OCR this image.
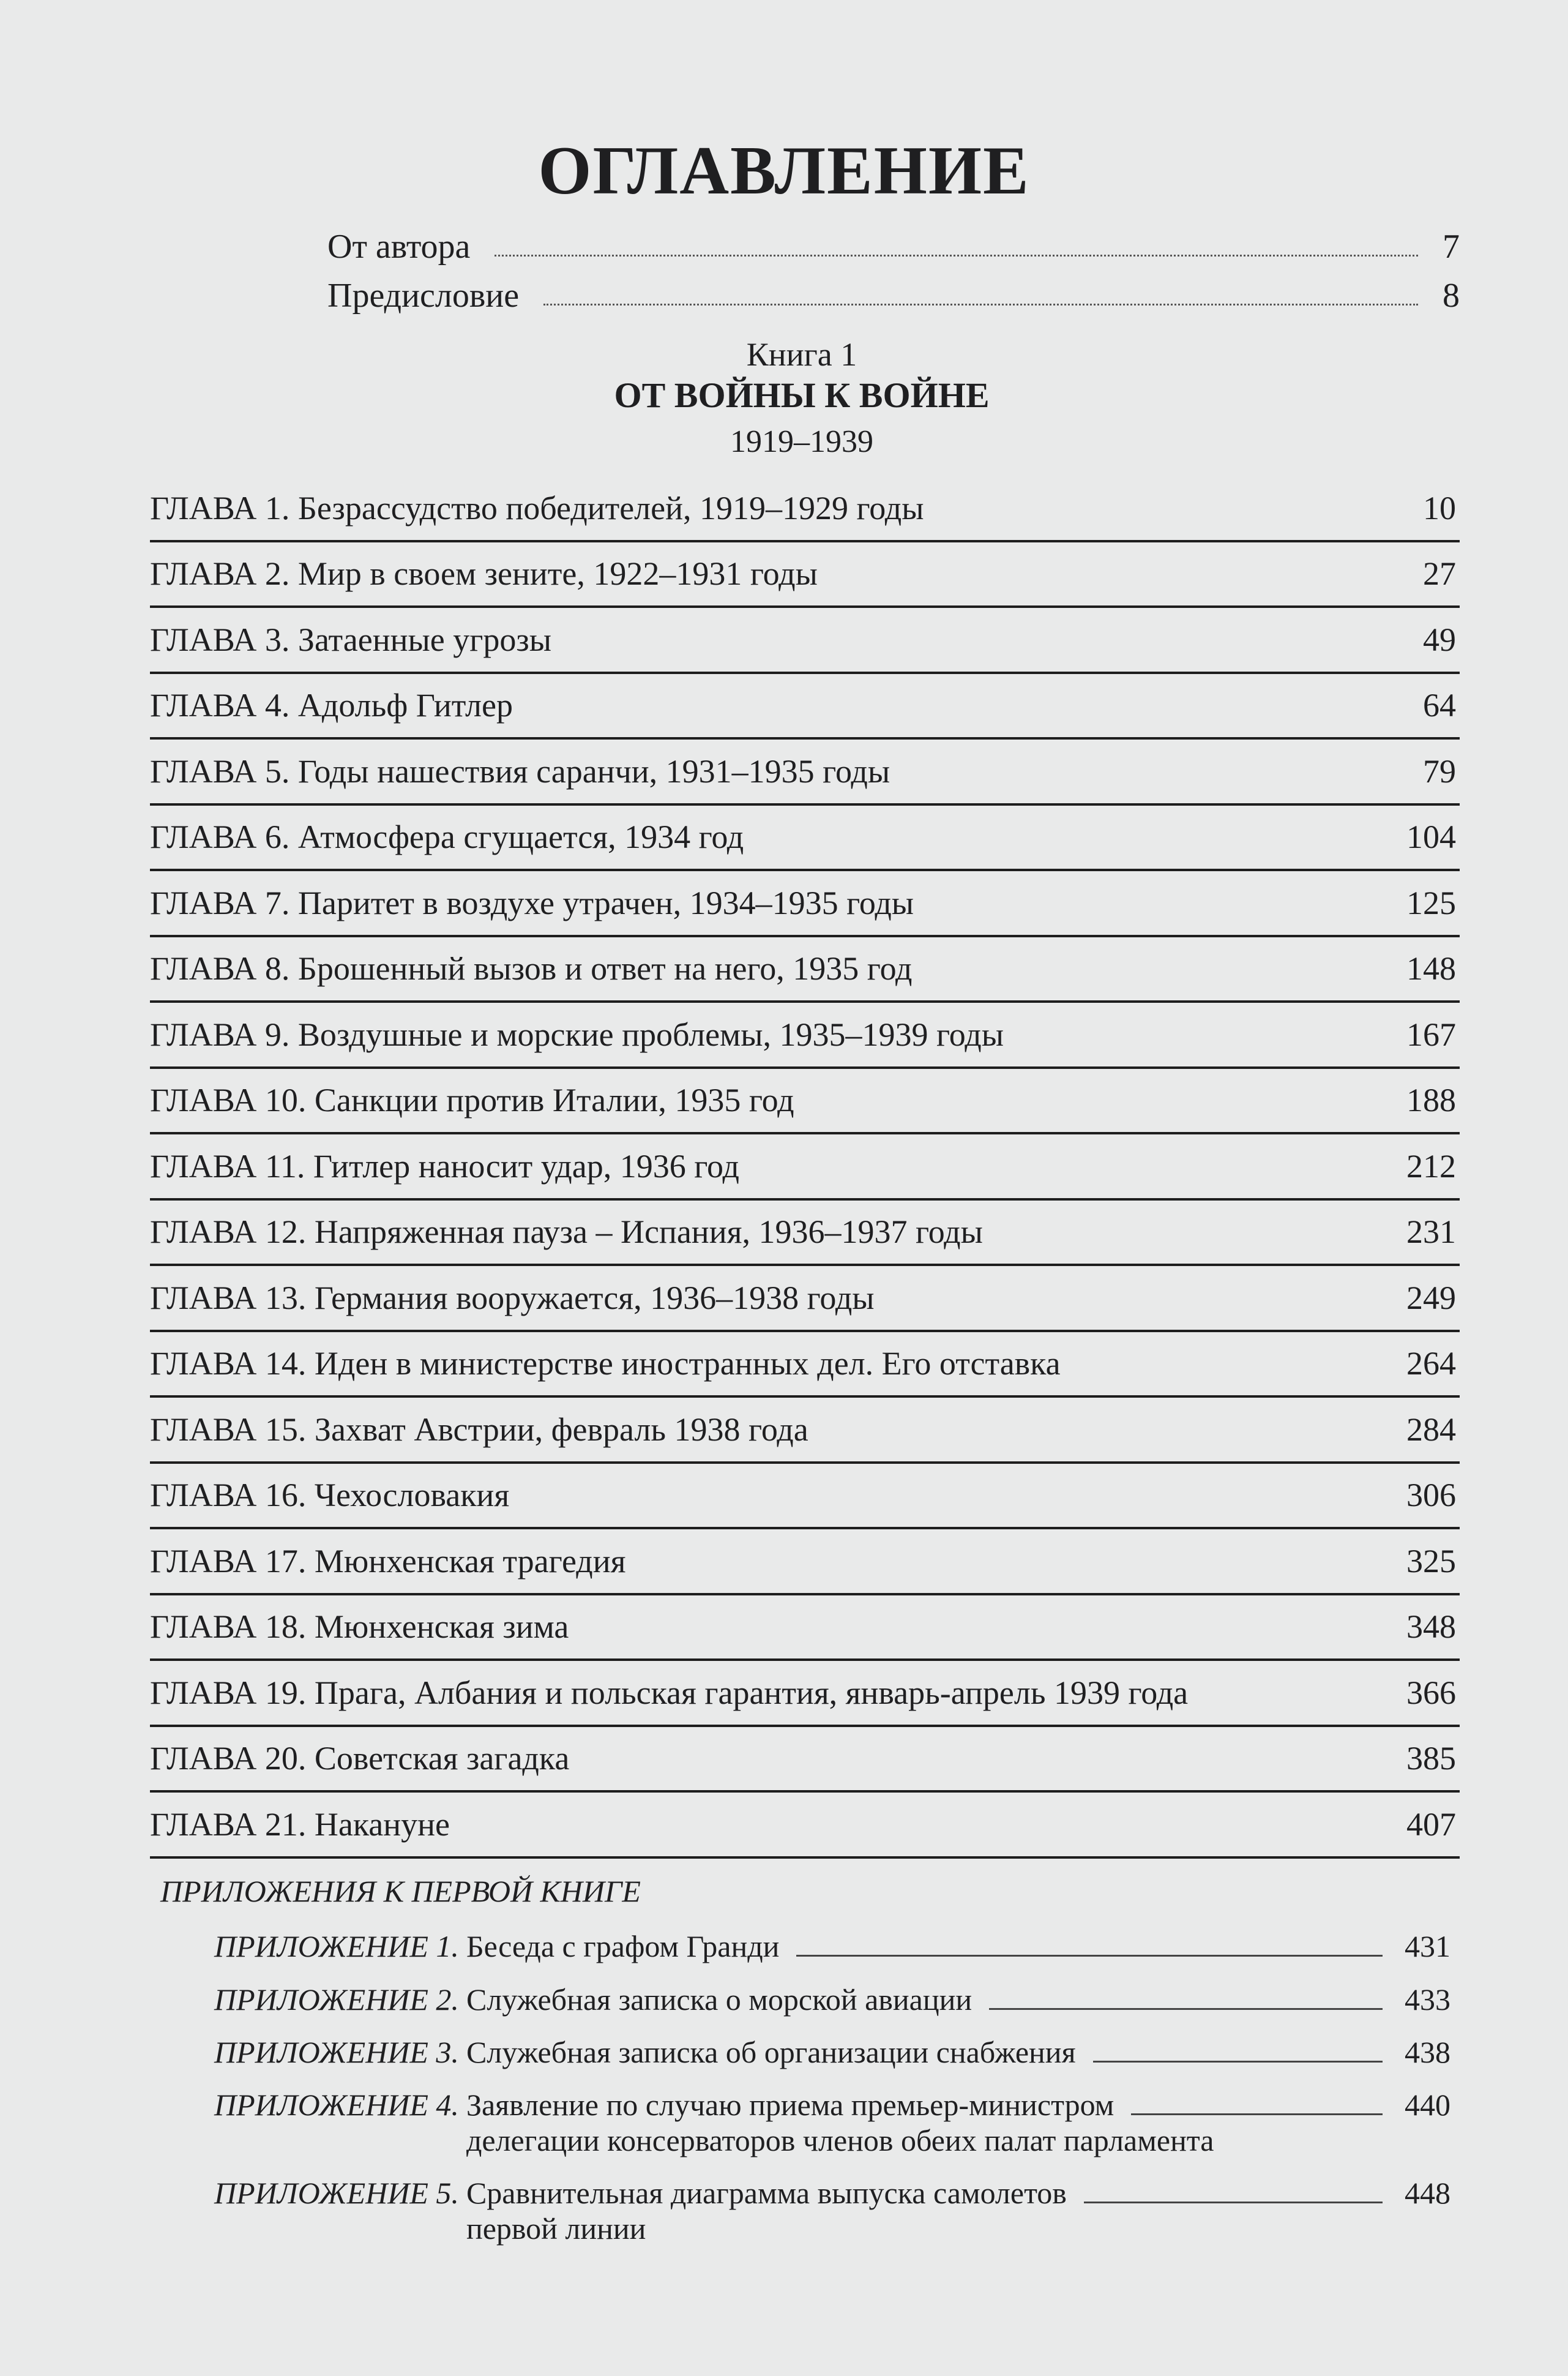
ОГЛАВЛЕНИЕ
От автора	7
Предисловие	8
Книга 1
ОТ ВОЙНЫ К ВОЙНЕ
1919–1939
ГЛАВА 1. Безрассудство победителей, 1919–1929 годы	10
ГЛАВА 2. Мир в своем зените, 1922–1931 годы	27
ГЛАВА 3. Затаенные угрозы	49
ГЛАВА 4. Адольф Гитлер	64
ГЛАВА 5. Годы нашествия саранчи, 1931–1935 годы	79
ГЛАВА 6. Атмосфера сгущается, 1934 год	104
ГЛАВА 7. Паритет в воздухе утрачен, 1934–1935 годы	125
ГЛАВА 8. Брошенный вызов и ответ на него, 1935 год	148
ГЛАВА 9. Воздушные и морские проблемы, 1935–1939 годы	167
ГЛАВА 10. Санкции против Италии, 1935 год	188
ГЛАВА 11. Гитлер наносит удар, 1936 год	212
ГЛАВА 12. Напряженная пауза – Испания, 1936–1937 годы	231
ГЛАВА 13. Германия вооружается, 1936–1938 годы	249
ГЛАВА 14. Иден в министерстве иностранных дел. Его отставка	264
ГЛАВА 15. Захват Австрии, февраль 1938 года	284
ГЛАВА 16. Чехословакия	306
ГЛАВА 17. Мюнхенская трагедия	325
ГЛАВА 18. Мюнхенская зима	348
ГЛАВА 19. Прага, Албания и польская гарантия, январь-апрель 1939 года	366
ГЛАВА 20. Советская загадка	385
ГЛАВА 21. Накануне	407
ПРИЛОЖЕНИЯ К ПЕРВОЙ КНИГЕ
ПРИЛОЖЕНИЕ 1. Беседа с графом Гранди	431
ПРИЛОЖЕНИЕ 2. Служебная записка о морской авиации	433
ПРИЛОЖЕНИЕ 3. Служебная записка об организации снабжения	438
ПРИЛОЖЕНИЕ 4. Заявление по случаю приема премьер-министром	440
делегации консерваторов членов обеих палат парламента
ПРИЛОЖЕНИЕ 5. Сравнительная диаграмма выпуска самолетов	448
первой линии
